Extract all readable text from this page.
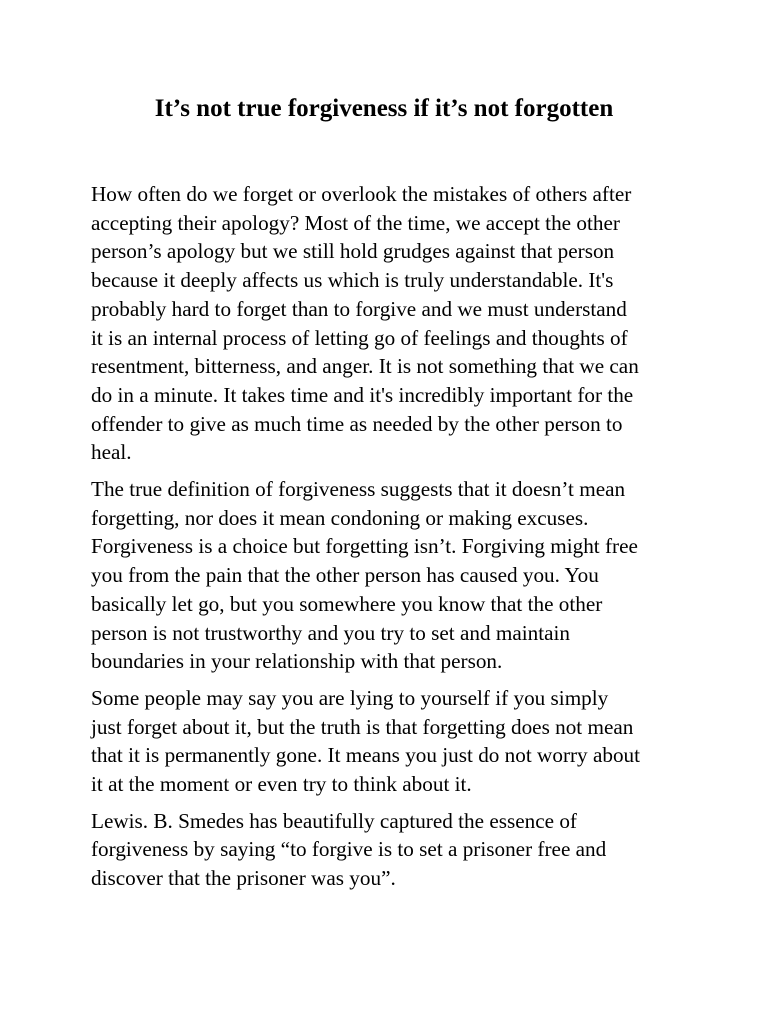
It’s not true forgiveness if it’s not forgotten

How often do we forget or overlook the mistakes of others after
accepting their apology? Most of the time, we accept the other
person’s apology but we still hold grudges against that person
because it deeply affects us which is truly understandable. It's
probably hard to forget than to forgive and we must understand
it is an internal process of letting go of feelings and thoughts of
resentment, bitterness, and anger. It is not something that we can
do in a minute. It takes time and it's incredibly important for the
offender to give as much time as needed by the other person to
heal.

The true definition of forgiveness suggests that it doesn’t mean
forgetting, nor does it mean condoning or making excuses.
Forgiveness is a choice but forgetting isn’t. Forgiving might free
you from the pain that the other person has caused you. You
basically let go, but you somewhere you know that the other
person is not trustworthy and you try to set and maintain
boundaries in your relationship with that person.

Some people may say you are lying to yourself if you simply
just forget about it, but the truth is that forgetting does not mean
that it is permanently gone. It means you just do not worry about
it at the moment or even try to think about it.

Lewis. B. Smedes has beautifully captured the essence of
forgiveness by saying “to forgive is to set a prisoner free and
discover that the prisoner was you”.
